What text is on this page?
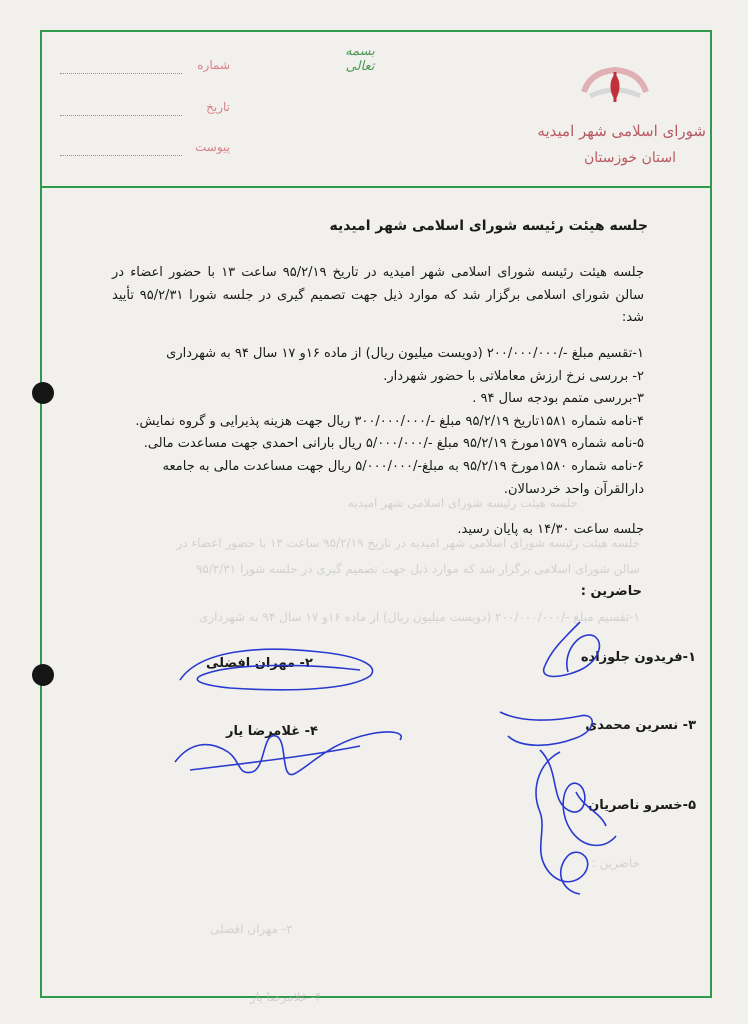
جلسه هیئت رئیسه شورای اسلامی شهر امیدیه
جلسه هیئت رئیسه شورای اسلامی شهر امیدیه در تاریخ ۹۵/۲/۱۹ ساعت ۱۳ با حضور اعضاء در
سالن شورای اسلامی برگزار شد که موارد ذیل جهت تصمیم گیری در جلسه شورا ۹۵/۲/۳۱
۱-تقسیم مبلغ -/۲۰۰/۰۰۰/۰۰۰ (دویست میلیون ریال) از ماده ۱۶و ۱۷ سال ۹۴ به شهرداری
حاضرین :
۲- مهران افضلی
۴- غلامرضا یار
شماره
تاریخ
پیوست
بسمه تعالی
شورای اسلامی شهر امیدیه
استان خوزستان
جلسه هیئت رئیسه شورای اسلامی شهر امیدیه

جلسه هیئت رئیسه شورای اسلامی شهر امیدیه در تاریخ ۹۵/۲/۱۹ ساعت ۱۳ با حضور اعضاء در سالن شورای اسلامی برگزار شد که موارد ذیل جهت تصمیم گیری در جلسه شورا ۹۵/۲/۳۱ تأیید شد:

۱-تقسیم مبلغ -/۲۰۰/۰۰۰/۰۰۰ (دویست میلیون ریال) از ماده ۱۶و ۱۷ سال ۹۴ به شهرداری
۲- بررسی نرخ ارزش معاملاتی با حضور شهردار.
۳-بررسی متمم بودجه سال ۹۴ .
۴-نامه شماره ۱۵۸۱تاریخ ۹۵/۲/۱۹ مبلغ -/۳۰۰/۰۰۰/۰۰۰ ریال جهت هزینه پذیرایی و گروه نمایش.
۵-نامه شماره ۱۵۷۹مورخ ۹۵/۲/۱۹ مبلغ -/۵/۰۰۰/۰۰۰ ریال بارانی احمدی جهت مساعدت مالی.
۶-نامه شماره ۱۵۸۰مورخ ۹۵/۲/۱۹ به مبلغ-/۵/۰۰۰/۰۰۰ ریال جهت مساعدت مالی به جامعه
دارالقرآن واحد خردسالان.
جلسه ساعت ۱۴/۳۰ به پایان رسید.
حاضرین :
۱-فریدون جلوزاده
۲- مهران افضلی
۳- نسرین محمدی
۴- غلامرضا یار
۵-خسرو ناصریان
